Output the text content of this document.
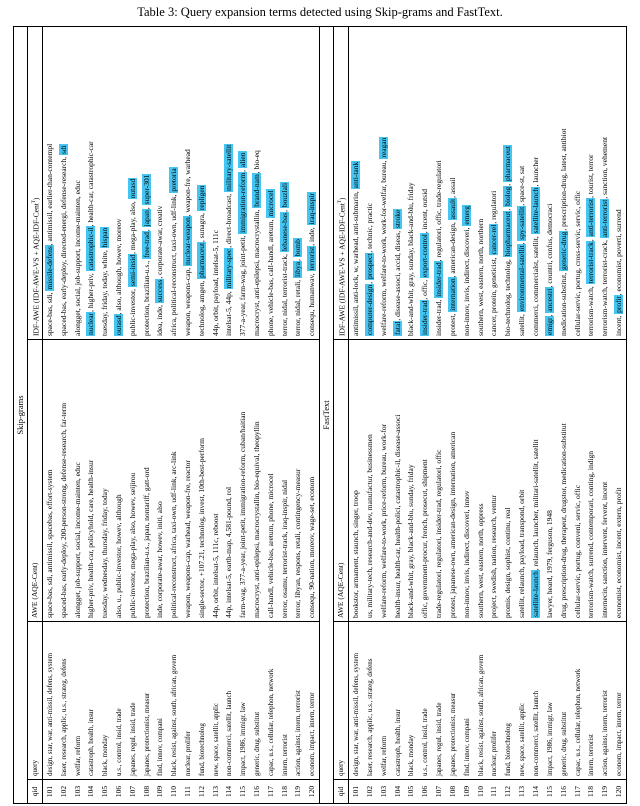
Table 3: Query expansion terms detected using Skip-grams and FastText.
Skip-grams
qid
query
AWE (AQE-Cent)
IDF-AWE (IDF-AWE-VS + AQE-IDF-Cent$^T$)
101
design, star, war, anti-missil, defens, system
space-bas, sdi, antimissil, spacebas, effort-system
space-bas, sdi, missile-defens, antimissil, earlier-than-contempl
102
laser, research, applic, u.s., strateg, defens
spaced-bas, early-deploy, 200-person-strong, defense-research, far-term
spaced-bas, early-deploy, directed-energi, defense-research, sdi
103
welfar, reform
alongget, job-support, social, income-mainten, educ
alongget, social, job-support, income-mainten, educ
104
catastroph, health, insur
higher-priv, health-car, policyhold, care, health-insur
nuclear, higher-priv, catastrophic-il, health-car, catastrophic-car
105
black, monday
tuesday, wednesday, thursday, friday, today
tuesday, friday, today, white, hispan
106
u.s., control, insid, trade
also, u., public-investor, howev, although
outasd, also, although, howev, moreov
107
japanes, regul, insid, trade
public-investor, mega-play, also, howev, seijirou
public-investor, semi-insid, mega-play, also, outasd
108
japanes, protectionist, measur
protection, brazilian-u.s., japan, nontariff, gatt-ord
protection, brazilian-u.s., free-trad, japan, super-301
109
find, innov, compani
inde, corporate-awar, howev, initi, also
idea, inde, success, corporate-awar, creativ
110
black, resist, against, south, african, govern
political-reconstruct, africa, taxi-own, udf-link, arc-link
africa, political-reconstruct, taxi-own, udf-link, pretoria
111
nuclear, prolifer
weapon, weapons-cap, warhead, weapon-fre, reactor
weapon, weapons-cap, nuclear-weapon, weapon-fre, warhead
112
fund, biotechnolog
single-sector, +107.21, technolog, invest, 10th-best-perform
technolog, amgen, pharmaceut, sunagra, repligen
113
new, space, satellit, applic
44p, orbit, intelsat-5, 111c, reboost
44p, orbit, payload, intelsat-5, 111c
114
non-commerci, satellit, launch
44p, intelsat-5, earth-map, 4,581-pound, rol
intelsat-5, 44p, military-spec, direct-broadcast, military-satellit
115
impact, 1986, immigr, law
farm-wag, 377-a-year, joint-petit, immigration-reform, cuban/haitian
377-a-year, farm-wag, joint-petit, immigration-reform, alien
116
generic, drug, substitut
macrocryst, anti-epilepsi, macrocrystallin, bio-equival, theopyllin
macrocryst, anti-epilepsi, macrocrystallin, brand-nam, bio-eq
117
capac, u.s., cellular, telephon, network
call-handl, vehicle-bas, aretum, phone, microcel
phone, vehicle-bas, call-handl, aretum, microcel
118
intern, terrorist
terror, osamu, terrorist-track, iraq-inspir, nidal
terror, n‌idal, terrorist-track, lebanese-bas, bouzlali
119
action, against, intern, terrorist
terror, libyan, respons, retali, contingency-measur
terror, nidal, retali, libya, bomb
120
econom, impact, intern, terror
consequ, 90-nation, moreov, wage-set, econom
consequ, humanwav, terrorist, inde, iraq-inspir
FastText
qid
query
AWE (AQE-Cent)
IDF-AWE (IDF-AWE-VS + AQE-IDF-Cent$^T$)
101
design, star, war, anti-missil, defens, system
bookstor, armament, staunch, singer, troop
antimissil, anti-lock, w, warhead, anti-submarin, anti-tank
102
laser, research, applic, u.s., strateg, defens
us, military-tech, research-and-dev, manufactur, businessmen
computer-design, prospect, technic, practic
103
welfar, reform
welfare-reform, welfare-to-work, price-reform, bureau, work-for
welfare-reform, welfare-to-work, work-for-welfar, bureau, reagan
104
catastroph, health, insur
health-insur, health-car, health-polici, catastrophic-il, disease-associ
fatal, disease-associ, accid, diseas, stroke
105
black, monday
black-and-whit, gray, black-and-blu, sunday, friday
black-and-whit, gray, sunday, black-and-blu, friday
106
u.s., control, insid, trade
offic, government-procur, french, prosecut, shipment
insider-trad, offic, export-control, incent, outsid
107
japanes, regul, insid, trade
trade-regulatori, regulatori, insider-trad, regulatori, offic
insider-trad, insider-trad, regulatori, offic, trade-regulatori
108
japanes, protectionist, measur
protest, japanese-own, american-design, internation, american
protest, internation, american-design, assault, assail
109
find, innov, compani
non-innov, invis, indirect, discoveri, innov
non-innov, invis, indirect, discoveri, emerg
110
black, resist, against, south, african, govern
southern, west, eastern, north, oppress
southern, west, eastern, north, northern
111
nuclear, prolifer
project, swedish, nation, research, ventur
cancer, protein, geneticist, cancer-rel, regulatori
112
fund, biotechnolog
promis, design, sophist, continu, real
bio-technolog, technolog, biopharmaceut, biolog, pharmaceut
113
new, space, satellit, applic
satellit, relaunch, payload, transpond, orbit
satellit, environmental-satellit, spy-satellit, space-st, sat
114
non-commerci, satellit, launch
satellite-launch, relaunch, launcher, militari-satellit, satellit
commerci, commercialst, satellit, satellite-launch, launcher
115
impact, 1986, immigr, law
lawyer, heard, 1979, ferguson, 1948
emigr, ancestri, countri, confus, democraci
116
generic, drug, substitut
drug, prescription-drug, therapeut, drugstor, medication-substitut
medication-substitut, generic-drug, prescription-drug, latest, antibiot
117
capac, u.s., cellular, telephon, network
cellular-servic, portug, conveni, servic, offic
cellular-servic, portug, cross-servic, servic, offic
118
intern, terrorist
terrorism-watch, surrend, contemporari, conting, indign
terrorism-watch, terrorist-track, anti-terrorist, tourist, terror
119
action, against, intern, terrorist
internecin, sanction, intervent, fervent, incent
terrorism-watch, terrorist-crack, anti-terrorist, sanction, vehement
120
econom, impact, intern, terror
economist, economist, incent, extern, profit
incent, profit, economist, poverti, surrend
